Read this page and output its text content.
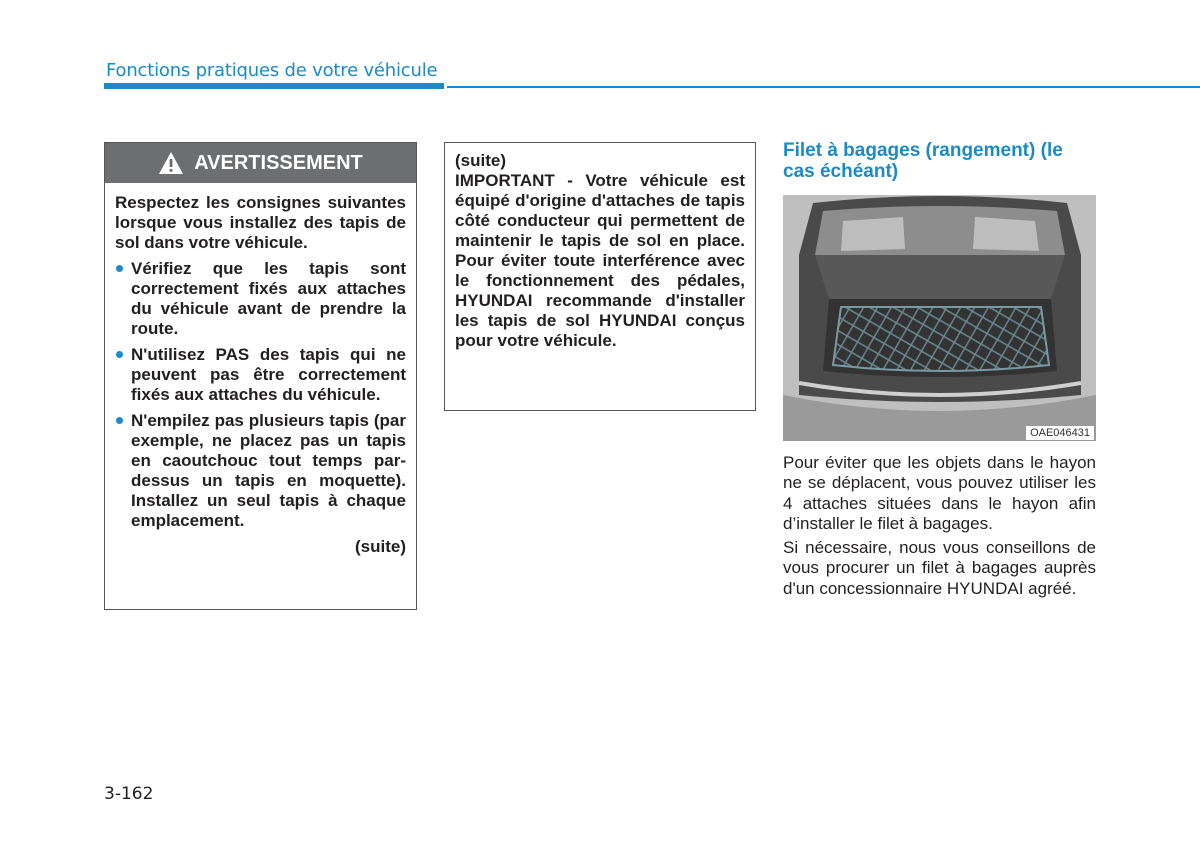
Fonctions pratiques de votre véhicule
AVERTISSEMENT

Respectez les consignes suivantes lorsque vous installez des tapis de sol dans votre véhicule.

Vérifiez que les tapis sont correctement fixés aux attaches du véhicule avant de prendre la route.
N'utilisez PAS des tapis qui ne peuvent pas être correctement fixés aux attaches du véhicule.
N'empilez pas plusieurs tapis (par exemple, ne placez pas un tapis en caoutchouc tout temps par-dessus un tapis en moquette). Installez un seul tapis à chaque emplacement.
(suite)

(suite)

IMPORTANT - Votre véhicule est équipé d'origine d'attaches de tapis côté conducteur qui permettent de maintenir le tapis de sol en place. Pour éviter toute interférence avec le fonctionnement des pédales, HYUNDAI recommande d'installer les tapis de sol HYUNDAI conçus pour votre véhicule.

Filet à bagages (rangement) (le cas échéant)
OAE046431

Pour éviter que les objets dans le hayon ne se déplacent, vous pouvez utiliser les 4 attaches situées dans le hayon afin d’installer le filet à bagages.

Si nécessaire, nous vous conseillons de vous procurer un filet à bagages auprès d'un concessionnaire HYUNDAI agréé.

3-162
